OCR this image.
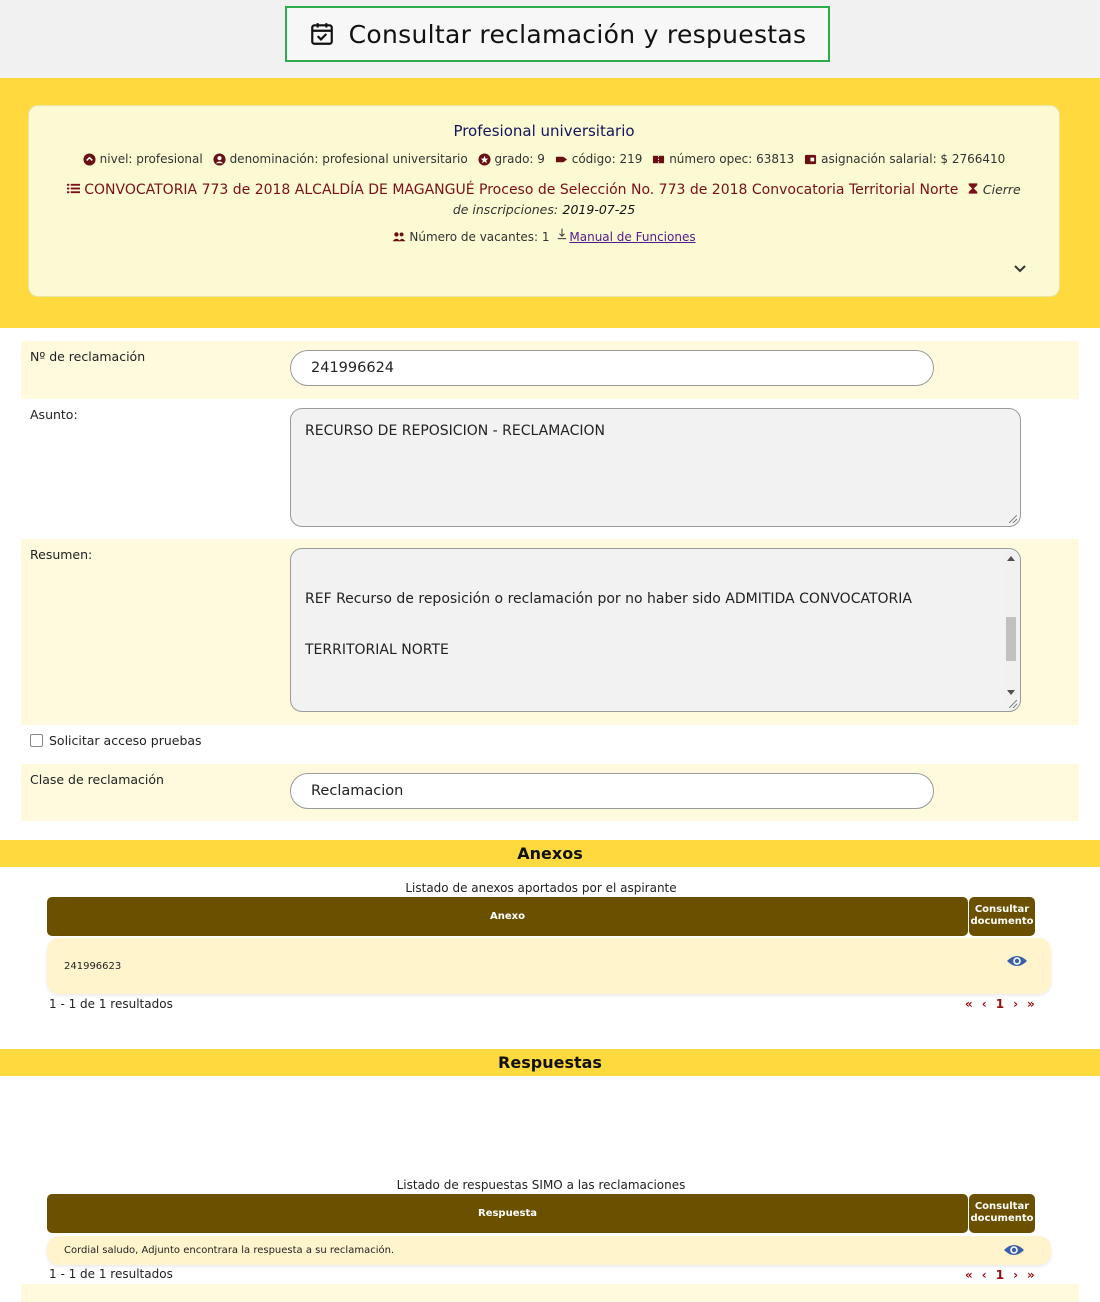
Consultar reclamación y respuestas
Profesional universitario
nivel: profesional
denominación: profesional universitario
grado: 9
código: 219
número opec: 63813
asignación salarial: $ 2766410
CONVOCATORIA 773 de 2018 ALCALDÍA DE MAGANGUÉ Proceso de Selección No. 773 de 2018 Convocatoria Territorial Norte Cierre de inscripciones: 2019-07-25
Número de vacantes: 1 Manual de Funciones
Nº de reclamación
241996624
Asunto:
RECURSO DE REPOSICION - RECLAMACION
Resumen:

REF Recurso de reposición o reclamación por no haber sido ADMITIDA CONVOCATORIA

TERRITORIAL NORTE

Solicitar acceso pruebas
Clase de reclamación
Reclamacion
Anexos
Listado de anexos aportados por el aspirante
Anexo
Consultar documento
241996623
1 - 1 de 1 resultados	« ‹ 1 › »
Respuestas
Listado de respuestas SIMO a las reclamaciones
Respuesta
Consultar documento
Cordial saludo, Adjunto encontrara la respuesta a su reclamación.
1 - 1 de 1 resultados	« ‹ 1 › »
